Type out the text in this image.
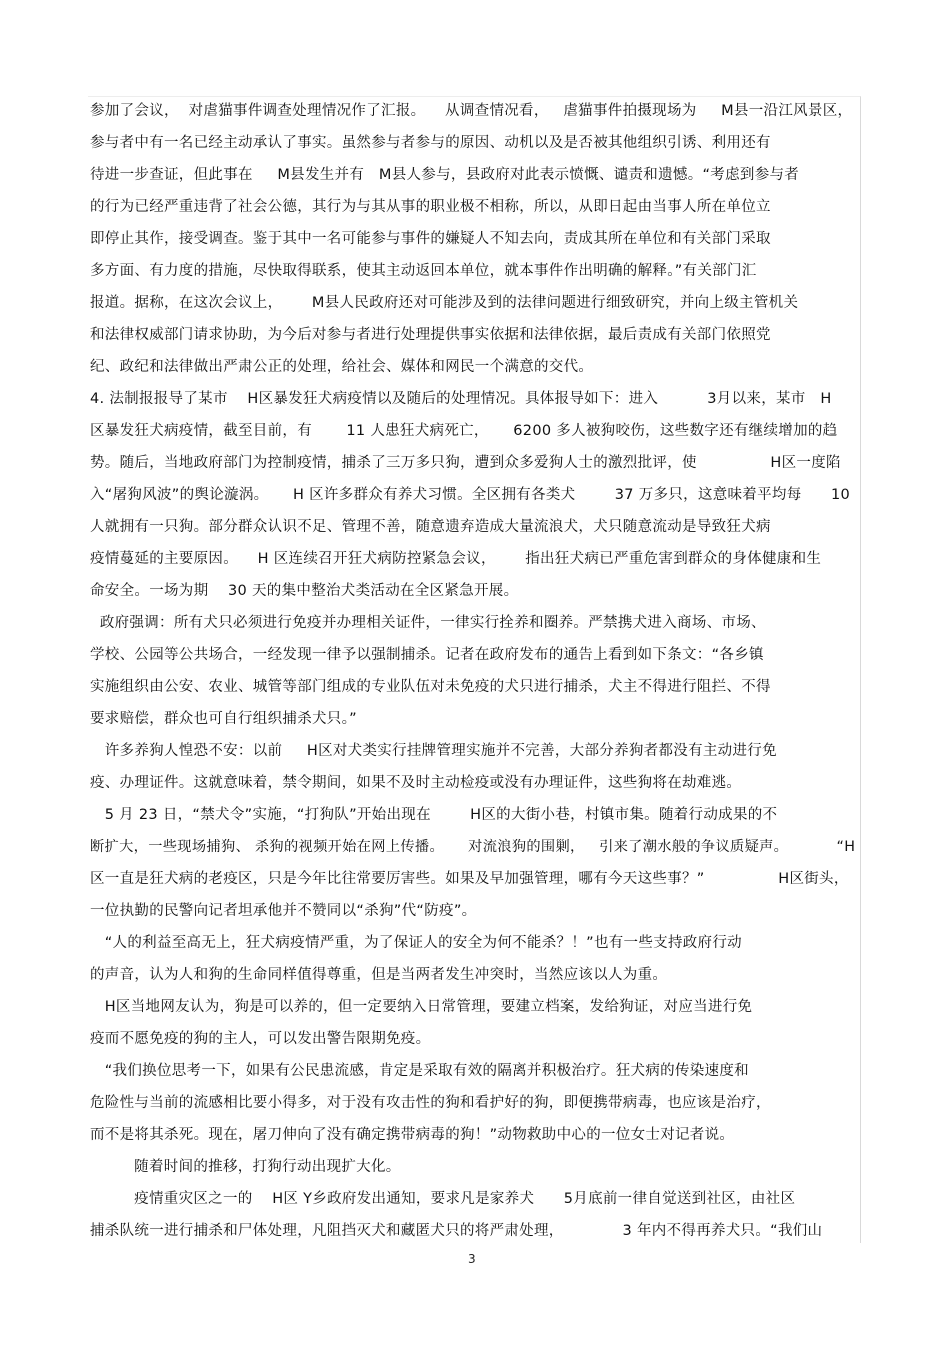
参加了会议，  对虐猫事件调查处理情况作了汇报。    从调查情况看，   虐猫事件拍摄现场为     M县一沿江风景区，
参与者中有一名已经主动承认了事实。虽然参与者参与的原因、动机以及是否被其他组织引诱、利用还有
待进一步查证，但此事在     M县发生并有   M县人参与，县政府对此表示愤慨、谴责和遗憾。“考虑到参与者
的行为已经严重违背了社会公德，其行为与其从事的职业极不相称，所以，从即日起由当事人所在单位立
即停止其作，接受调查。鉴于其中一名可能参与事件的嫌疑人不知去向，责成其所在单位和有关部门采取
多方面、有力度的措施，尽快取得联系，使其主动返回本单位，就本事件作出明确的解释。”有关部门汇
报道。据称，在这次会议上，      M县人民政府还对可能涉及到的法律问题进行细致研究，并向上级主管机关
和法律权威部门请求协助，为今后对参与者进行处理提供事实依据和法律依据，最后责成有关部门依照党
纪、政纪和法律做出严肃公正的处理，给社会、媒体和网民一个满意的交代。
4. 法制报报导了某市    H区暴发狂犬病疫情以及随后的处理情况。具体报导如下：进入          3月以来，某市   H
区暴发狂犬病疫情，截至目前，有       11 人患狂犬病死亡，     6200 多人被狗咬伤，这些数字还有继续增加的趋
势。随后，当地政府部门为控制疫情，捕杀了三万多只狗，遭到众多爱狗人士的激烈批评，使               H区一度陷
入“屠狗风波”的舆论漩涡。     H 区许多群众有养犬习惯。全区拥有各类犬        37 万多只，这意味着平均每      10
人就拥有一只狗。部分群众认识不足、管理不善，随意遗弃造成大量流浪犬，犬只随意流动是导致狂犬病
疫情蔓延的主要原因。    H 区连续召开狂犬病防控紧急会议，      指出狂犬病已严重危害到群众的身体健康和生
命安全。一场为期    30 天的集中整治犬类活动在全区紧急开展。
政府强调：所有犬只必须进行免疫并办理相关证件，一律实行拴养和圈养。严禁携犬进入商场、市场、
学校、公园等公共场合，一经发现一律予以强制捕杀。记者在政府发布的通告上看到如下条文：“各乡镇
实施组织由公安、农业、城管等部门组成的专业队伍对未免疫的犬只进行捕杀，犬主不得进行阻拦、不得
要求赔偿，群众也可自行组织捕杀犬只。”
许多养狗人惶恐不安：以前     H区对犬类实行挂牌管理实施并不完善，大部分养狗者都没有主动进行免
疫、办理证件。这就意味着，禁令期间，如果不及时主动检疫或没有办理证件，这些狗将在劫难逃。
5 月 23 日，“禁犬令”实施，“打狗队”开始出现在        H区的大街小巷，村镇市集。随着行动成果的不
断扩大，一些现场捕狗、 杀狗的视频开始在网上传播。     对流浪狗的围剿，   引来了潮水般的争议质疑声。          “H
区一直是狂犬病的老疫区，只是今年比往常要厉害些。如果及早加强管理，哪有今天这些事？”               H区街头，
一位执勤的民警向记者坦承他并不赞同以“杀狗”代“防疫”。
“人的利益至高无上，狂犬病疫情严重，为了保证人的安全为何不能杀？！”也有一些支持政府行动
的声音，认为人和狗的生命同样值得尊重，但是当两者发生冲突时，当然应该以人为重。
H区当地网友认为，狗是可以养的，但一定要纳入日常管理，要建立档案，发给狗证，对应当进行免
疫而不愿免疫的狗的主人，可以发出警告限期免疫。
“我们换位思考一下，如果有公民患流感，肯定是采取有效的隔离并积极治疗。狂犬病的传染速度和
危险性与当前的流感相比要小得多，对于没有攻击性的狗和看护好的狗，即便携带病毒，也应该是治疗，
而不是将其杀死。现在，屠刀伸向了没有确定携带病毒的狗！”动物救助中心的一位女士对记者说。
随着时间的推移，打狗行动出现扩大化。
疫情重灾区之一的    H区 Y乡政府发出通知，要求凡是家养犬      5月底前一律自觉送到社区，由社区
捕杀队统一进行捕杀和尸体处理，凡阻挡灭犬和藏匿犬只的将严肃处理，            3 年内不得再养犬只。“我们山
3
